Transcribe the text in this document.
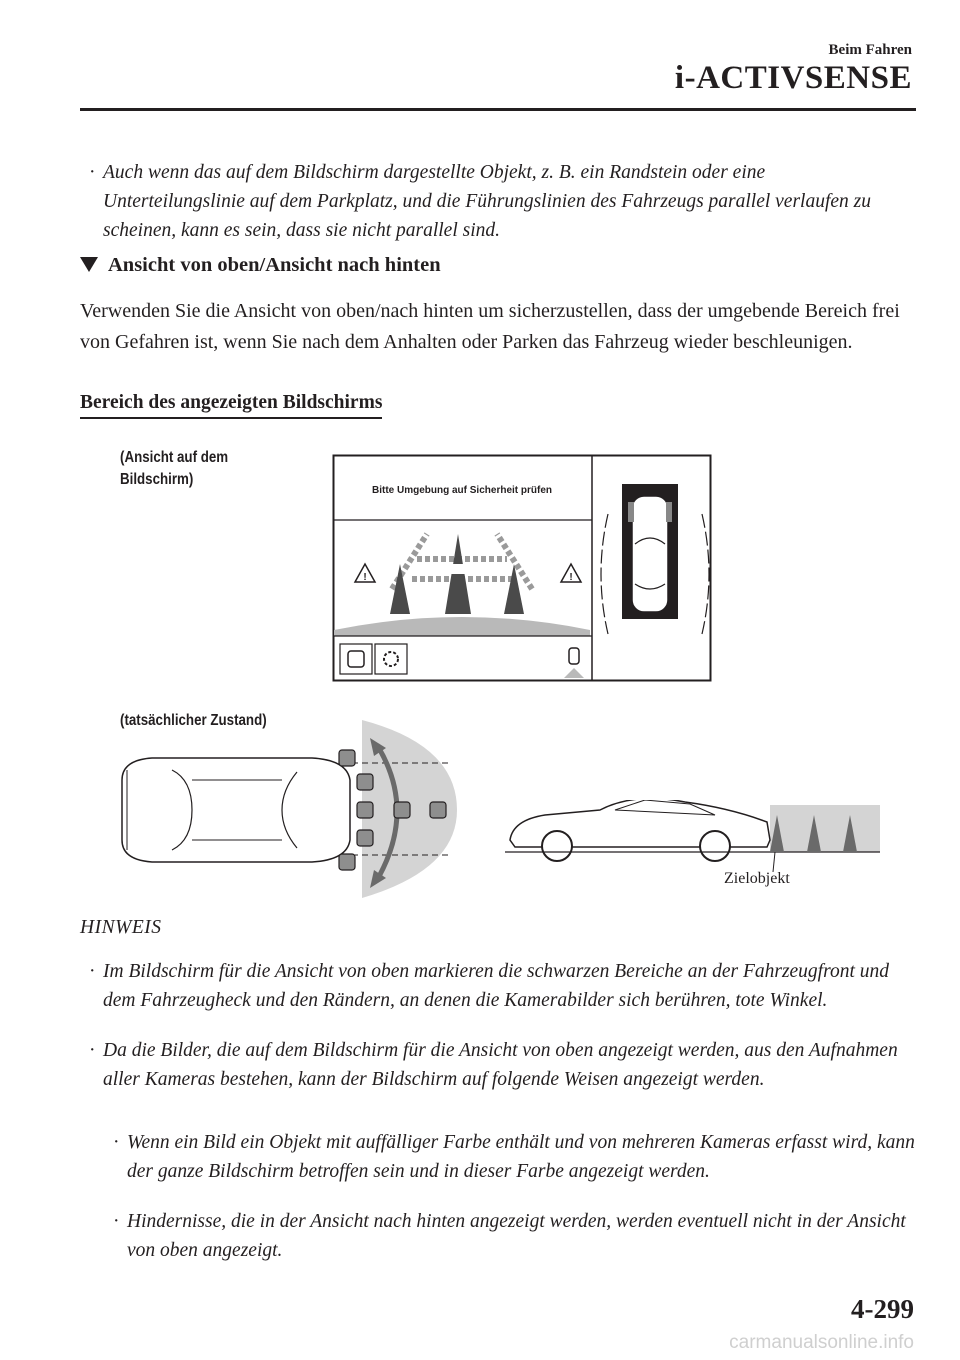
Beim Fahren
i-ACTIVSENSE
· Auch wenn das auf dem Bildschirm dargestellte Objekt, z. B. ein Randstein oder eine Unterteilungslinie auf dem Parkplatz, und die Führungslinien des Fahrzeugs parallel verlaufen zu scheinen, kann es sein, dass sie nicht parallel sind.
Ansicht von oben/Ansicht nach hinten
Verwenden Sie die Ansicht von oben/nach hinten um sicherzustellen, dass der umgebende Bereich frei von Gefahren ist, wenn Sie nach dem Anhalten oder Parken das Fahrzeug wieder beschleunigen.
Bereich des angezeigten Bildschirms
(Ansicht auf dem Bildschirm)
(tatsächlicher Zustand)
Bitte Umgebung auf Sicherheit prüfen
!	!
Zielobjekt
HINWEIS
· Im Bildschirm für die Ansicht von oben markieren die schwarzen Bereiche an der Fahrzeugfront und dem Fahrzeugheck und den Rändern, an denen die Kamerabilder sich berühren, tote Winkel.
· Da die Bilder, die auf dem Bildschirm für die Ansicht von oben angezeigt werden, aus den Aufnahmen aller Kameras bestehen, kann der Bildschirm auf folgende Weisen angezeigt werden.
· Wenn ein Bild ein Objekt mit auffälliger Farbe enthält und von mehreren Kameras erfasst wird, kann der ganze Bildschirm betroffen sein und in dieser Farbe angezeigt werden.
· Hindernisse, die in der Ansicht nach hinten angezeigt werden, werden eventuell nicht in der Ansicht von oben angezeigt.
4-299
carmanualsonline.info
